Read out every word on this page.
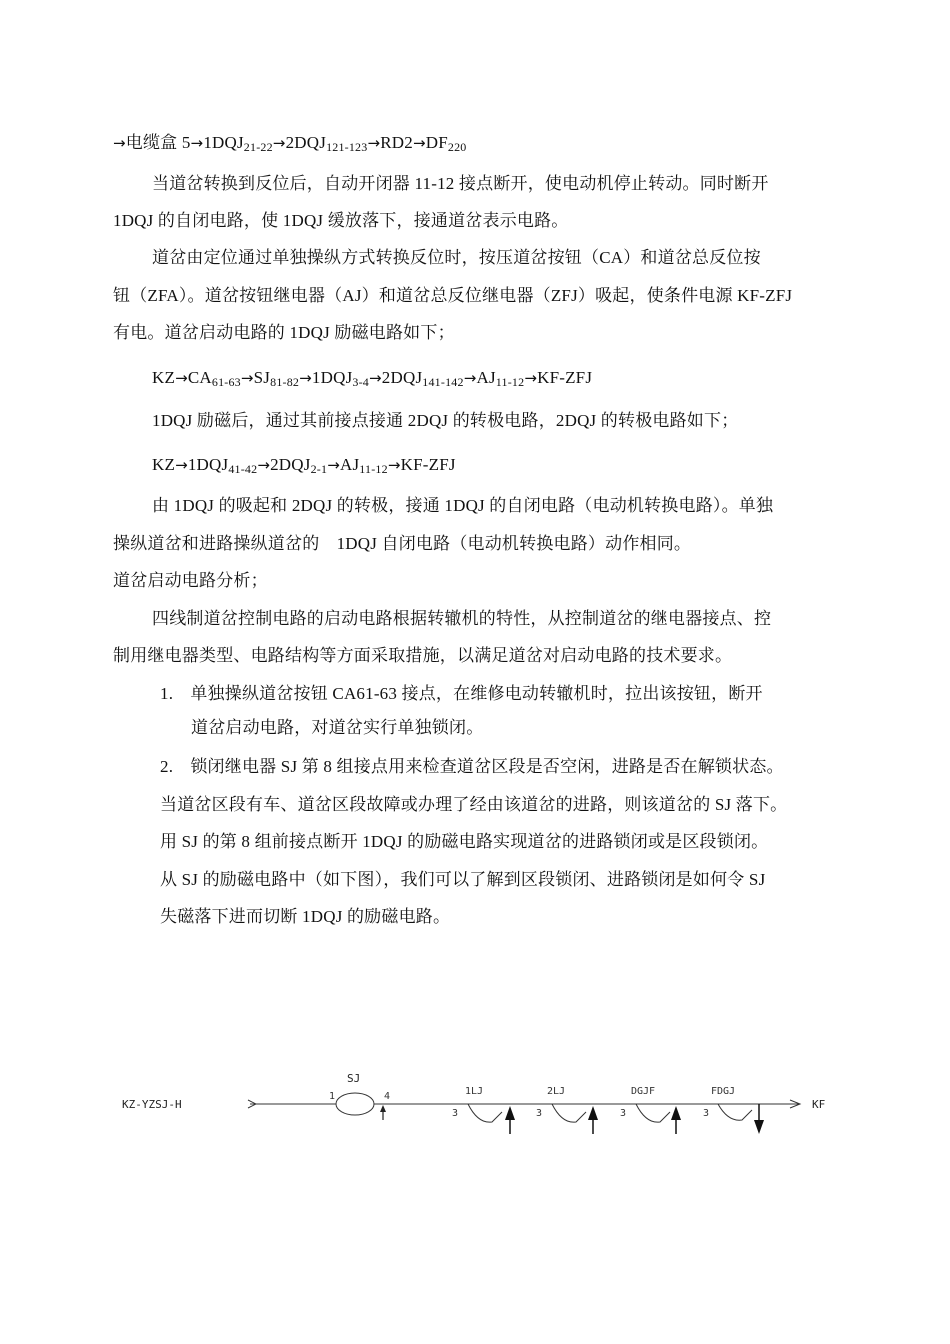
→电缆盒 $5\to 1DQJ_{21-22}\to 2DQJ_{121-123}\to RD2\to DF_{220}$
当道岔转换到反位后，自动开闭器 11-12 接点断开，使电动机停止转动。同时断开
1DQJ 的自闭电路，使 1DQJ 缓放落下，接通道岔表示电路。
道岔由定位通过单独操纵方式转换反位时，按压道岔按钮（CA）和道岔总反位按
钮（ZFA）。道岔按钮继电器（AJ）和道岔总反位继电器（ZFJ）吸起，使条件电源 KF-ZFJ
有电。道岔启动电路的 1DQJ 励磁电路如下；
$KZ\to CA_{61-63}\to SJ_{81-82}\to 1DQJ_{3-4}\to 2DQJ_{141-142}\to AJ_{11-12}\to KF$-ZFJ
1DQJ 励磁后，通过其前接点接通 2DQJ 的转极电路，2DQJ 的转极电路如下；
$KZ\to 1DQJ_{41-42}\to 2DQJ_{2-1}\to AJ_{11-12}\to KF$-ZFJ
由 1DQJ 的吸起和 2DQJ 的转极，接通 1DQJ 的自闭电路（电动机转换电路）。单独
操纵道岔和进路操纵道岔的　1DQJ 自闭电路（电动机转换电路）动作相同。
道岔启动电路分析；
四线制道岔控制电路的启动电路根据转辙机的特性，从控制道岔的继电器接点、控
制用继电器类型、电路结构等方面采取措施，以满足道岔对启动电路的技术要求。
1.　单独操纵道岔按钮 CA61-63 接点，在维修电动转辙机时，拉出该按钮，断开
道岔启动电路，对道岔实行单独锁闭。
2.　锁闭继电器 SJ 第 8 组接点用来检查道岔区段是否空闲，进路是否在解锁状态。
当道岔区段有车、道岔区段故障或办理了经由该道岔的进路，则该道岔的 SJ 落下。
用 SJ 的第 8 组前接点断开 1DQJ 的励磁电路实现道岔的进路锁闭或是区段锁闭。
从 SJ 的励磁电路中（如下图），我们可以了解到区段锁闭、进路锁闭是如何令 SJ
失磁落下进而切断 1DQJ 的励磁电路。
KZ-YZSJ-H
1
SJ
4	1LJ
3
2LJ
3
DGJF
3
FDGJ
3
KF
